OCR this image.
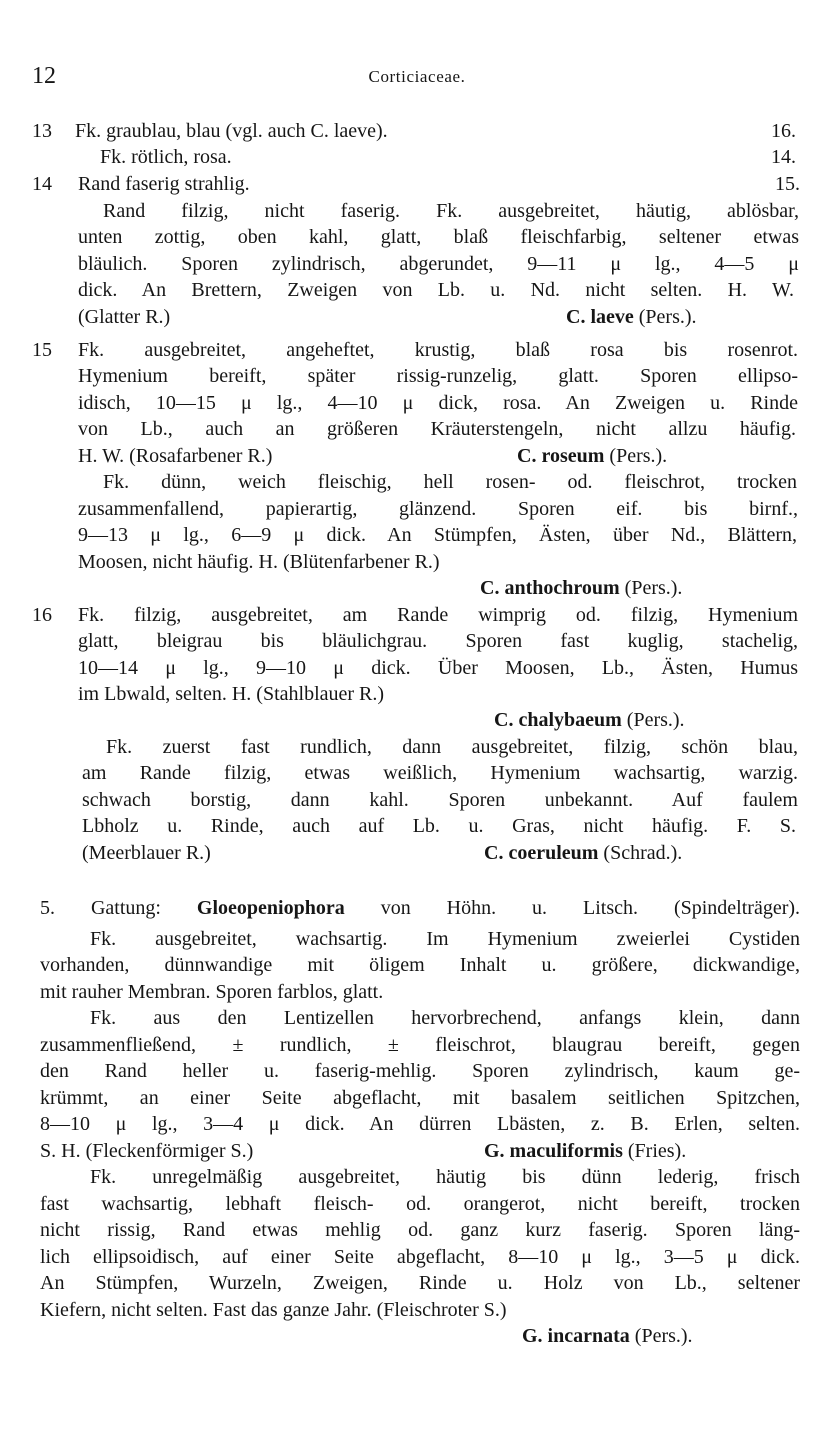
12	Corticiaceae.
13 Fk. graublau, blau (vgl. auch C. laeve).	16.
Fk. rötlich, rosa.	14.
14 Rand faserig strahlig.	15.
Rand filzig, nicht faserig. Fk. ausgebreitet, häutig, ablösbar,
unten zottig, oben kahl, glatt, blaß fleischfarbig, seltener etwas
bläulich. Sporen zylindrisch, abgerundet, 9—11 μ lg., 4—5 μ
dick. An Brettern, Zweigen von Lb. u. Nd. nicht selten. H. W.
(Glatter R.)	C. laeve (Pers.).
15 Fk. ausgebreitet, angeheftet, krustig, blaß rosa bis rosenrot.
Hymenium bereift, später rissig-runzelig, glatt. Sporen ellipso-
idisch, 10—15 μ lg., 4—10 μ dick, rosa. An Zweigen u. Rinde
von Lb., auch an größeren Kräuterstengeln, nicht allzu häufig.
H. W. (Rosafarbener R.)	C. roseum (Pers.).
Fk. dünn, weich fleischig, hell rosen- od. fleischrot, trocken
zusammenfallend, papierartig, glänzend. Sporen eif. bis birnf.,
9—13 μ lg., 6—9 μ dick. An Stümpfen, Ästen, über Nd., Blättern,
Moosen, nicht häufig. H. (Blütenfarbener R.)
C. anthochroum (Pers.).
16 Fk. filzig, ausgebreitet, am Rande wimprig od. filzig, Hymenium
glatt, bleigrau bis bläulichgrau. Sporen fast kuglig, stachelig,
10—14 μ lg., 9—10 μ dick. Über Moosen, Lb., Ästen, Humus
im Lbwald, selten. H. (Stahlblauer R.)
C. chalybaeum (Pers.).
Fk. zuerst fast rundlich, dann ausgebreitet, filzig, schön blau,
am Rande filzig, etwas weißlich, Hymenium wachsartig, warzig.
schwach borstig, dann kahl. Sporen unbekannt. Auf faulem
Lbholz u. Rinde, auch auf Lb. u. Gras, nicht häufig. F. S.
(Meerblauer R.)	C. coeruleum (Schrad.).
5. Gattung: Gloeopeniophora von Höhn. u. Litsch. (Spindelträger).
Fk. ausgebreitet, wachsartig. Im Hymenium zweierlei Cystiden
vorhanden, dünnwandige mit öligem Inhalt u. größere, dickwandige,
mit rauher Membran. Sporen farblos, glatt.
Fk. aus den Lentizellen hervorbrechend, anfangs klein, dann
zusammenfließend, ± rundlich, ± fleischrot, blaugrau bereift, gegen
den Rand heller u. faserig-mehlig. Sporen zylindrisch, kaum ge-
krümmt, an einer Seite abgeflacht, mit basalem seitlichen Spitzchen,
8—10 μ lg., 3—4 μ dick. An dürren Lbästen, z. B. Erlen, selten.
S. H. (Fleckenförmiger S.)	G. maculiformis (Fries).
Fk. unregelmäßig ausgebreitet, häutig bis dünn lederig, frisch
fast wachsartig, lebhaft fleisch- od. orangerot, nicht bereift, trocken
nicht rissig, Rand etwas mehlig od. ganz kurz faserig. Sporen läng-
lich ellipsoidisch, auf einer Seite abgeflacht, 8—10 μ lg., 3—5 μ dick.
An Stümpfen, Wurzeln, Zweigen, Rinde u. Holz von Lb., seltener
Kiefern, nicht selten. Fast das ganze Jahr. (Fleischroter S.)
G. incarnata (Pers.).
